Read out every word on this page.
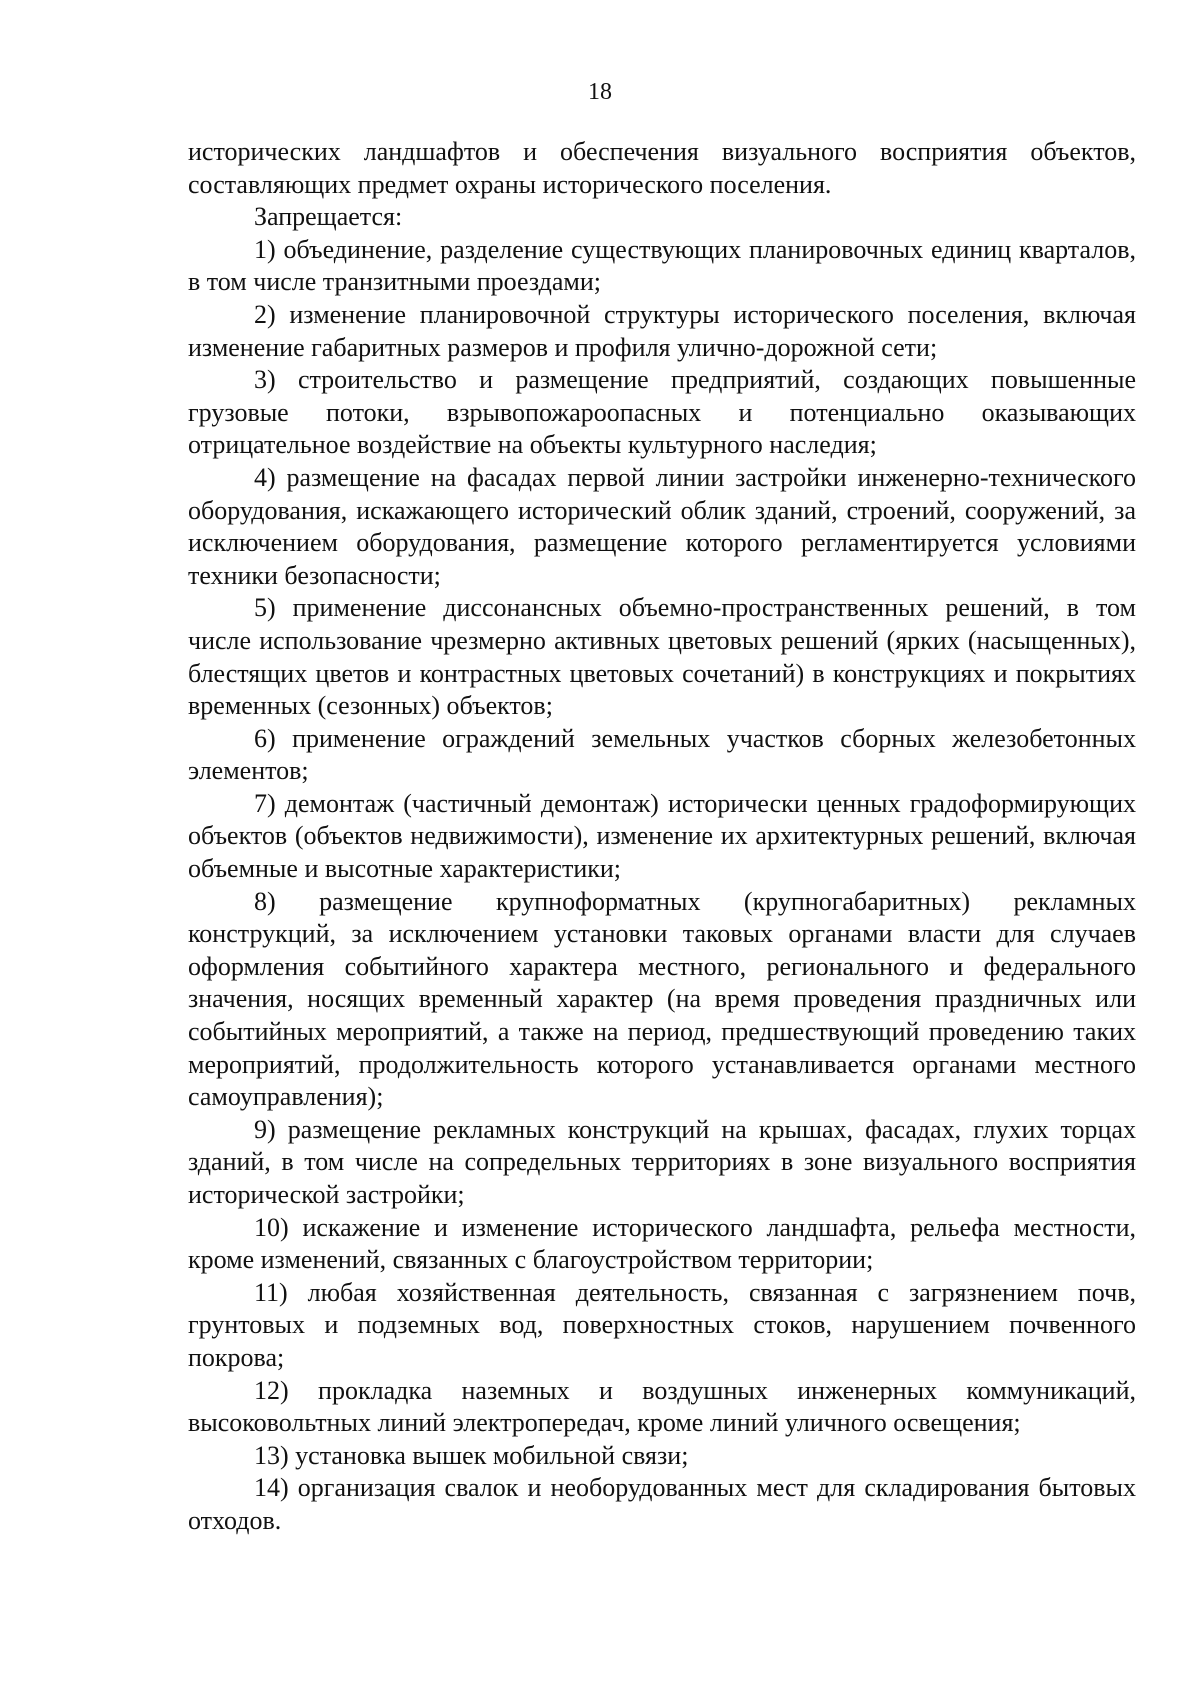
18

исторических ландшафтов и обеспечения визуального восприятия объектов, составляющих предмет охраны исторического поселения.

Запрещается:

1) объединение, разделение существующих планировочных единиц кварталов, в том числе транзитными проездами;

2) изменение планировочной структуры исторического поселения, включая изменение габаритных размеров и профиля улично-дорожной сети;

3) строительство и размещение предприятий, создающих повышенные грузовые потоки, взрывопожароопасных и потенциально оказывающих отрицательное воздействие на объекты культурного наследия;

4) размещение на фасадах первой линии застройки инженерно-технического оборудования, искажающего исторический облик зданий, строений, сооружений, за исключением оборудования, размещение которого регламентируется условиями техники безопасности;

5) применение диссонансных объемно-пространственных решений, в том числе использование чрезмерно активных цветовых решений (ярких (насыщенных), блестящих цветов и контрастных цветовых сочетаний) в конструкциях и покрытиях временных (сезонных) объектов;

6) применение ограждений земельных участков сборных железобетонных элементов;

7) демонтаж (частичный демонтаж) исторически ценных градоформирующих объектов (объектов недвижимости), изменение их архитектурных решений, включая объемные и высотные характеристики;

8) размещение крупноформатных (крупногабаритных) рекламных конструкций, за исключением установки таковых органами власти для случаев оформления событийного характера местного, регионального и федерального значения, носящих временный характер (на время проведения праздничных или событийных мероприятий, а также на период, предшествующий проведению таких мероприятий, продолжительность которого устанавливается органами местного самоуправления);

9) размещение рекламных конструкций на крышах, фасадах, глухих торцах зданий, в том числе на сопредельных территориях в зоне визуального восприятия исторической застройки;

10) искажение и изменение исторического ландшафта, рельефа местности, кроме изменений, связанных с благоустройством территории;

11) любая хозяйственная деятельность, связанная с загрязнением почв, грунтовых и подземных вод, поверхностных стоков, нарушением почвенного покрова;

12) прокладка наземных и воздушных инженерных коммуникаций, высоковольтных линий электропередач, кроме линий уличного освещения;

13) установка вышек мобильной связи;

14) организация свалок и необорудованных мест для складирования бытовых отходов.
